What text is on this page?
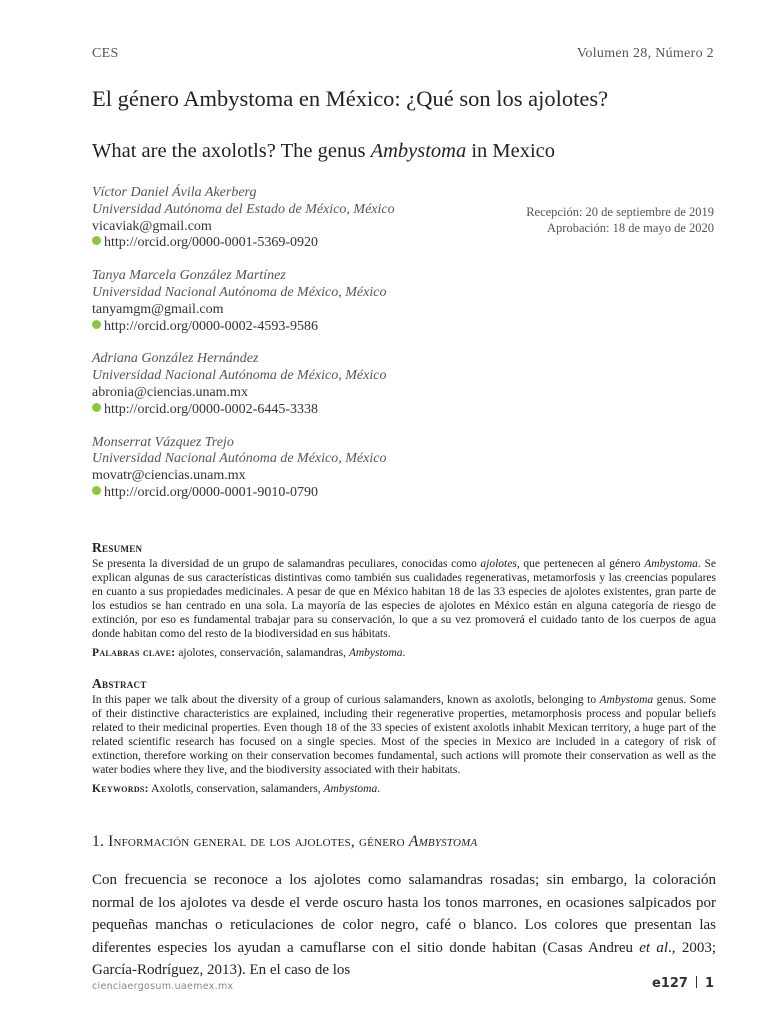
CES	Volumen 28, Número 2
El género Ambystoma en México: ¿Qué son los ajolotes?
What are the axolotls? The genus Ambystoma in Mexico
Víctor Daniel Ávila Akerberg
Universidad Autónoma del Estado de México, México
vicaviak@gmail.com
http://orcid.org/0000-0001-5369-0920
Tanya Marcela González Martínez
Universidad Nacional Autónoma de México, México
tanyamgm@gmail.com
http://orcid.org/0000-0002-4593-9586
Adriana González Hernández
Universidad Nacional Autónoma de México, México
abronia@ciencias.unam.mx
http://orcid.org/0000-0002-6445-3338
Monserrat Vázquez Trejo
Universidad Nacional Autónoma de México, México
movatr@ciencias.unam.mx
http://orcid.org/0000-0001-9010-0790
Recepción: 20 de septiembre de 2019
Aprobación: 18 de mayo de 2020
Resumen
Se presenta la diversidad de un grupo de salamandras peculiares, conocidas como ajolotes, que pertenecen al género Ambystoma. Se explican algunas de sus características distintivas como también sus cualidades regenerativas, metamorfosis y las creencias populares en cuanto a sus propiedades medicinales. A pesar de que en México habitan 18 de las 33 especies de ajolotes existentes, gran parte de los estudios se han centrado en una sola. La mayoría de las especies de ajolotes en México están en alguna categoría de riesgo de extinción, por eso es fundamental trabajar para su conservación, lo que a su vez promoverá el cuidado tanto de los cuerpos de agua donde habitan como del resto de la biodiversidad en sus hábitats.
Palabras clave: ajolotes, conservación, salamandras, Ambystoma.
Abstract
In this paper we talk about the diversity of a group of curious salamanders, known as axolotls, belonging to Ambystoma genus. Some of their distinctive characteristics are explained, including their regenerative properties, metamorphosis process and popular beliefs related to their medicinal properties. Even though 18 of the 33 species of existent axolotls inhabit Mexican territory, a huge part of the related scientific research has focused on a single species. Most of the species in Mexico are included in a category of risk of extinction, therefore working on their conservation becomes fundamental, such actions will promote their conservation as well as the water bodies where they live, and the biodiversity associated with their habitats.
Keywords: Axolotls, conservation, salamanders, Ambystoma.
1. Información general de los ajolotes, género Ambystoma
Con frecuencia se reconoce a los ajolotes como salamandras rosadas; sin embargo, la coloración normal de los ajolotes va desde el verde oscuro hasta los tonos marrones, en ocasiones salpicados por pequeñas manchas o reticulaciones de color negro, café o blanco. Los colores que presentan las diferentes especies los ayudan a camuflarse con el sitio donde habitan (Casas Andreu et al., 2003; García-Rodríguez, 2013). En el caso de los
cienciaergosum.uaemex.mx	e127 1
